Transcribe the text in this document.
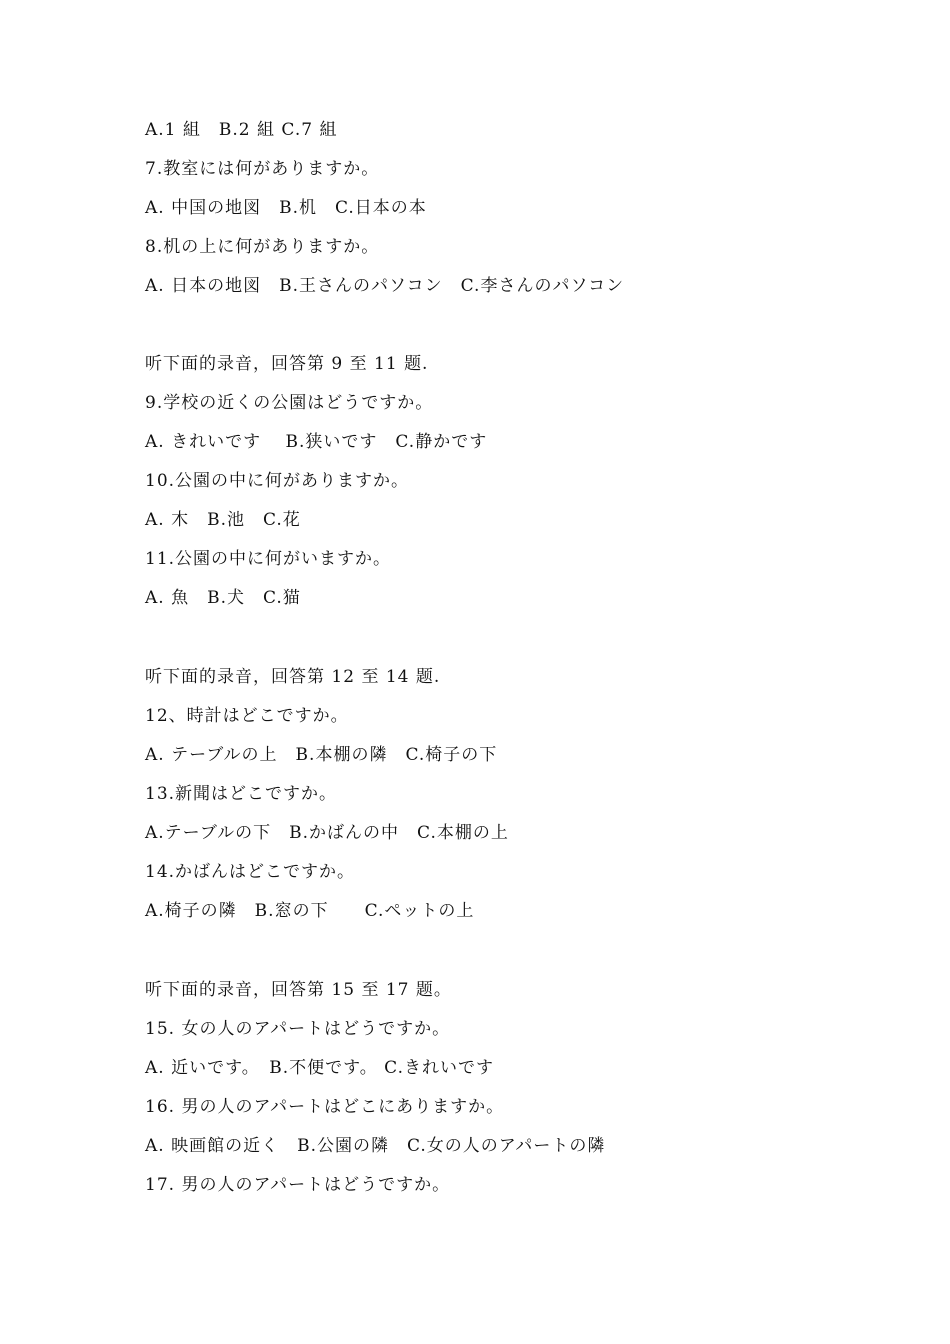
A.1 組　B.2 組 C.7 組
7.教室には何がありますか。
A. 中国の地図　B.机　C.日本の本
8.机の上に何がありますか。
A. 日本の地図　B.王さんのパソコン　C.李さんのパソコン
听下面的录音，回答第 9 至 11 题.
9.学校の近くの公園はどうですか。
A. きれいです　 B.狭いです　C.静かです
10.公園の中に何がありますか。
A. 木　B.池　C.花
11.公園の中に何がいますか。
A. 魚　B.犬　C.猫
听下面的录音，回答第 12 至 14 题.
12、時計はどこですか。
A. テーブルの上　B.本棚の隣　C.椅子の下
13.新聞はどこですか。
A.テーブルの下　B.かばんの中　C.本棚の上
14.かばんはどこですか。
A.椅子の隣　B.窓の下　　C.ペットの上
听下面的录音，回答第 15 至 17 题。
15. 女の人のアパートはどうですか。
A. 近いです。　B.不便です。 C.きれいです
16. 男の人のアパートはどこにありますか。
A. 映画館の近く　B.公園の隣　C.女の人のアパートの隣
17. 男の人のアパートはどうですか。
